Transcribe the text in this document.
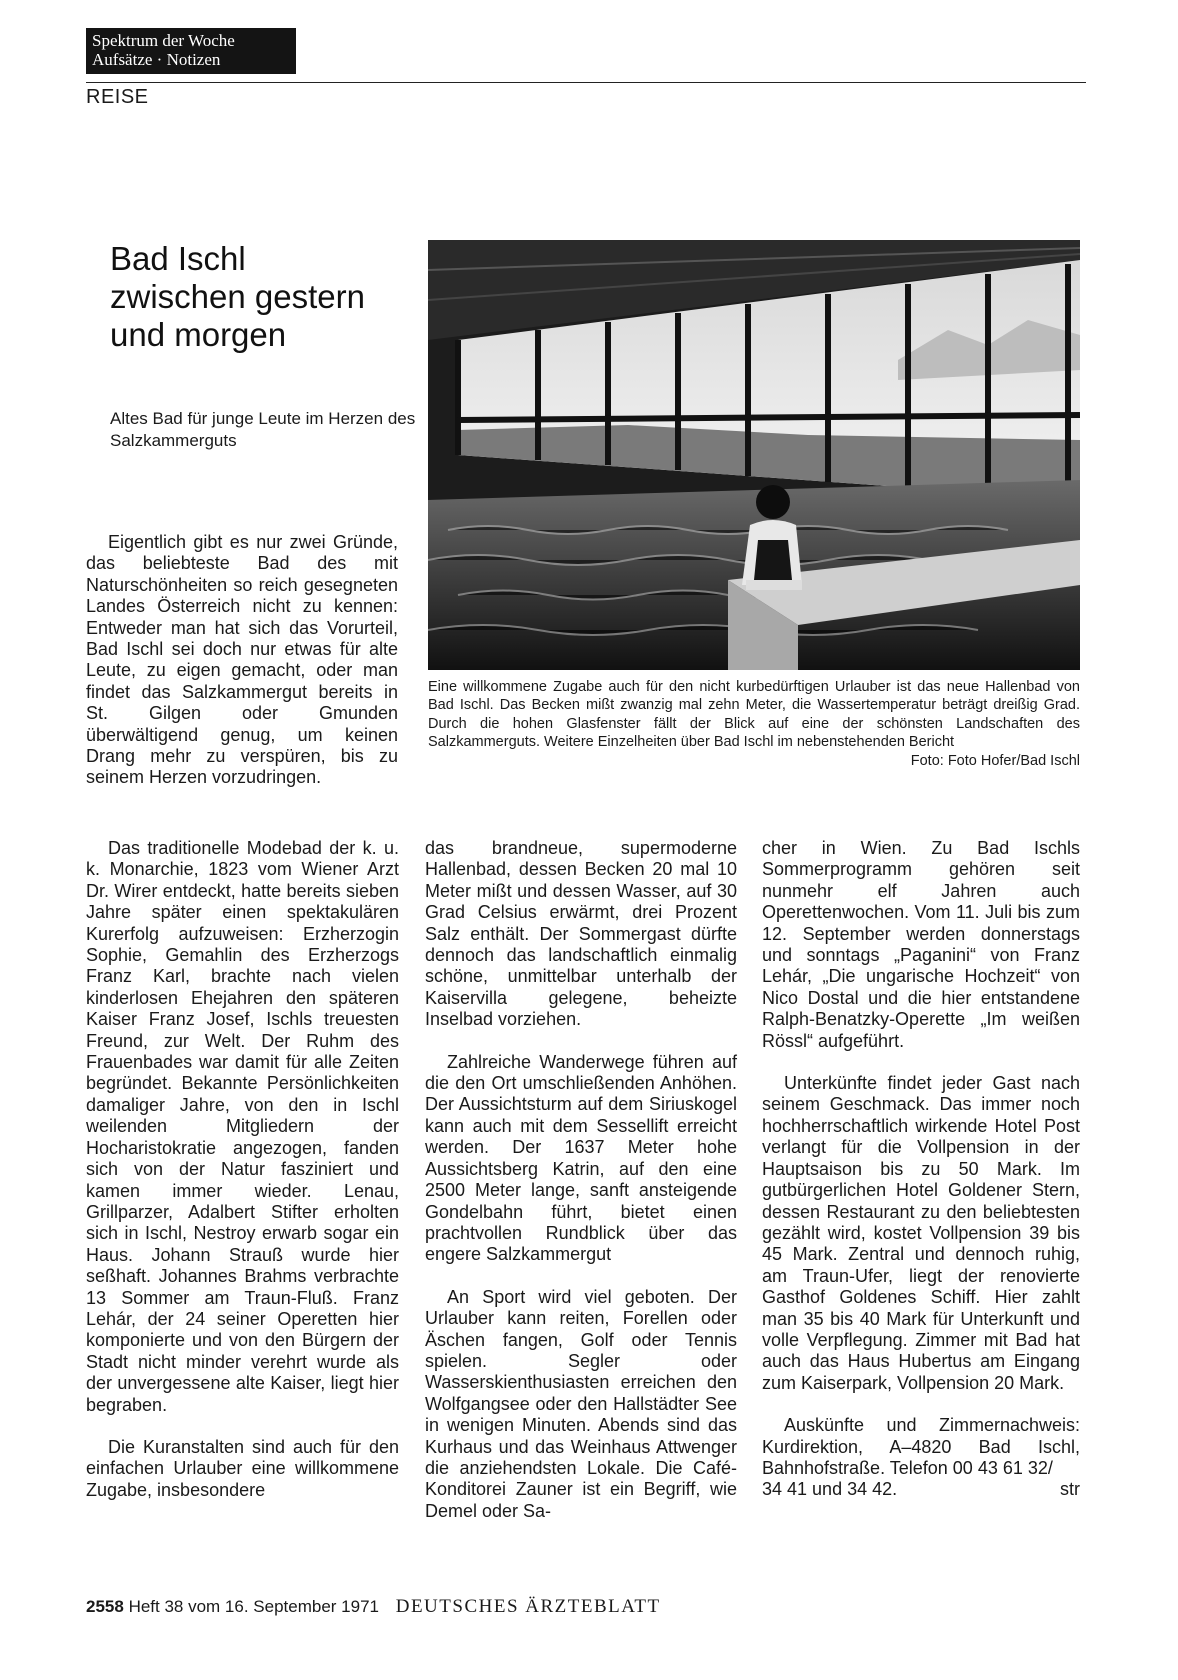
Spektrum der Woche
Aufsätze · Notizen
REISE
Bad Ischl
zwischen gestern
und morgen
Altes Bad für junge Leute im Herzen des Salzkammerguts

Eigentlich gibt es nur zwei Gründe, das beliebteste Bad des mit Naturschönheiten so reich gesegneten Landes Österreich nicht zu kennen: Entweder man hat sich das Vorurteil, Bad Ischl sei doch nur etwas für alte Leute, zu eigen gemacht, oder man findet das Salzkammergut bereits in St. Gilgen oder Gmunden überwältigend genug, um keinen Drang mehr zu verspüren, bis zu seinem Herzen vorzudringen.

Eine willkommene Zugabe auch für den nicht kurbedürftigen Urlauber ist das neue Hallenbad von Bad Ischl. Das Becken mißt zwanzig mal zehn Meter, die Wassertemperatur beträgt dreißig Grad. Durch die hohen Glasfenster fällt der Blick auf eine der schönsten Landschaften des Salzkammerguts. Weitere Einzelheiten über Bad Ischl im nebenstehenden Bericht
Foto: Foto Hofer/Bad Ischl

Das traditionelle Modebad der k. u. k. Monarchie, 1823 vom Wiener Arzt Dr. Wirer entdeckt, hatte bereits sieben Jahre später einen spektakulären Kurerfolg aufzuweisen: Erzherzogin Sophie, Gemahlin des Erzherzogs Franz Karl, brachte nach vielen kinderlosen Ehejahren den späteren Kaiser Franz Josef, Ischls treuesten Freund, zur Welt. Der Ruhm des Frauenbades war damit für alle Zeiten begründet. Bekannte Persönlichkeiten damaliger Jahre, von den in Ischl weilenden Mitgliedern der Hocharistokratie angezogen, fanden sich von der Natur fasziniert und kamen immer wieder. Lenau, Grillparzer, Adalbert Stifter erholten sich in Ischl, Nestroy erwarb sogar ein Haus. Johann Strauß wurde hier seßhaft. Johannes Brahms verbrachte 13 Sommer am Traun-Fluß. Franz Lehár, der 24 seiner Operetten hier komponierte und von den Bürgern der Stadt nicht minder verehrt wurde als der unvergessene alte Kaiser, liegt hier begraben.

Die Kuranstalten sind auch für den einfachen Urlauber eine willkommene Zugabe, insbesondere

das brandneue, supermoderne Hallenbad, dessen Becken 20 mal 10 Meter mißt und dessen Wasser, auf 30 Grad Celsius erwärmt, drei Prozent Salz enthält. Der Sommergast dürfte dennoch das landschaftlich einmalig schöne, unmittelbar unterhalb der Kaiservilla gelegene, beheizte Inselbad vorziehen.

Zahlreiche Wanderwege führen auf die den Ort umschließenden Anhöhen. Der Aussichtsturm auf dem Siriuskogel kann auch mit dem Sessellift erreicht werden. Der 1637 Meter hohe Aussichtsberg Katrin, auf den eine 2500 Meter lange, sanft ansteigende Gondelbahn führt, bietet einen prachtvollen Rundblick über das engere Salzkammergut

An Sport wird viel geboten. Der Urlauber kann reiten, Forellen oder Äschen fangen, Golf oder Tennis spielen. Segler oder Wasserskienthusiasten erreichen den Wolfgangsee oder den Hallstädter See in wenigen Minuten. Abends sind das Kurhaus und das Weinhaus Attwenger die anziehendsten Lokale. Die Café-Konditorei Zauner ist ein Begriff, wie Demel oder Sa-

cher in Wien. Zu Bad Ischls Sommerprogramm gehören seit nunmehr elf Jahren auch Operettenwochen. Vom 11. Juli bis zum 12. September werden donnerstags und sonntags „Paganini“ von Franz Lehár, „Die ungarische Hochzeit“ von Nico Dostal und die hier entstandene Ralph-Benatzky-Operette „Im weißen Rössl“ aufgeführt.

Unterkünfte findet jeder Gast nach seinem Geschmack. Das immer noch hochherrschaftlich wirkende Hotel Post verlangt für die Vollpension in der Hauptsaison bis zu 50 Mark. Im gutbürgerlichen Hotel Goldener Stern, dessen Restaurant zu den beliebtesten gezählt wird, kostet Vollpension 39 bis 45 Mark. Zentral und dennoch ruhig, am Traun-Ufer, liegt der renovierte Gasthof Goldenes Schiff. Hier zahlt man 35 bis 40 Mark für Unterkunft und volle Verpflegung. Zimmer mit Bad hat auch das Haus Hubertus am Eingang zum Kaiserpark, Vollpension 20 Mark.

Auskünfte und Zimmernachweis: Kurdirektion, A–4820 Bad Ischl, Bahnhofstraße. Telefon 00 43 61 32/
34 41 und 34 42.	str

2558 Heft 38 vom 16. September 1971 DEUTSCHES ÄRZTEBLATT
